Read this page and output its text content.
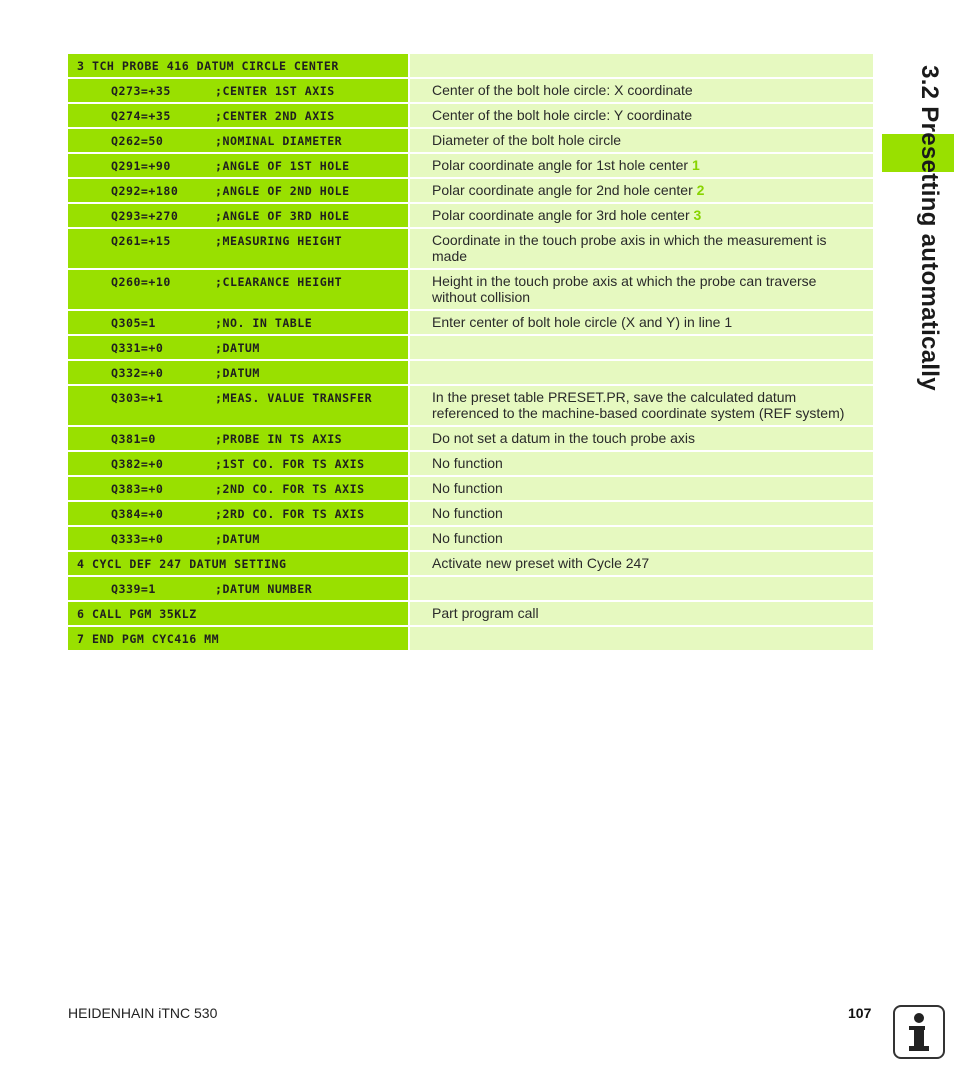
3 TCH PROBE 416 DATUM CIRCLE CENTER	

Q273=+35 ;CENTER 1ST AXIS	Center of the bolt hole circle: X coordinate

Q274=+35 ;CENTER 2ND AXIS	Center of the bolt hole circle: Y coordinate

Q262=50 ;NOMINAL DIAMETER	Diameter of the bolt hole circle

Q291=+90 ;ANGLE OF 1ST HOLE	Polar coordinate angle for 1st hole center 1

Q292=+180 ;ANGLE OF 2ND HOLE	Polar coordinate angle for 2nd hole center 2

Q293=+270 ;ANGLE OF 3RD HOLE	Polar coordinate angle for 3rd hole center 3

Q261=+15 ;MEASURING HEIGHT	Coordinate in the touch probe axis in which the measurement is made

Q260=+10 ;CLEARANCE HEIGHT	Height in the touch probe axis at which the probe can traverse without collision

Q305=1 ;NO. IN TABLE	Enter center of bolt hole circle (X and Y) in line 1

Q331=+0 ;DATUM	

Q332=+0 ;DATUM	

Q303=+1 ;MEAS. VALUE TRANSFER	In the preset table PRESET.PR, save the calculated datum referenced to the machine-based coordinate system (REF system)

Q381=0 ;PROBE IN TS AXIS	Do not set a datum in the touch probe axis

Q382=+0 ;1ST CO. FOR TS AXIS	No function

Q383=+0 ;2ND CO. FOR TS AXIS	No function

Q384=+0 ;2RD CO. FOR TS AXIS	No function

Q333=+0 ;DATUM	No function

4 CYCL DEF 247 DATUM SETTING	Activate new preset with Cycle 247

Q339=1 ;DATUM NUMBER	

6 CALL PGM 35KLZ	Part program call

7 END PGM CYC416 MM	

3.2 Presetting automatically
HEIDENHAIN iTNC 530	107
